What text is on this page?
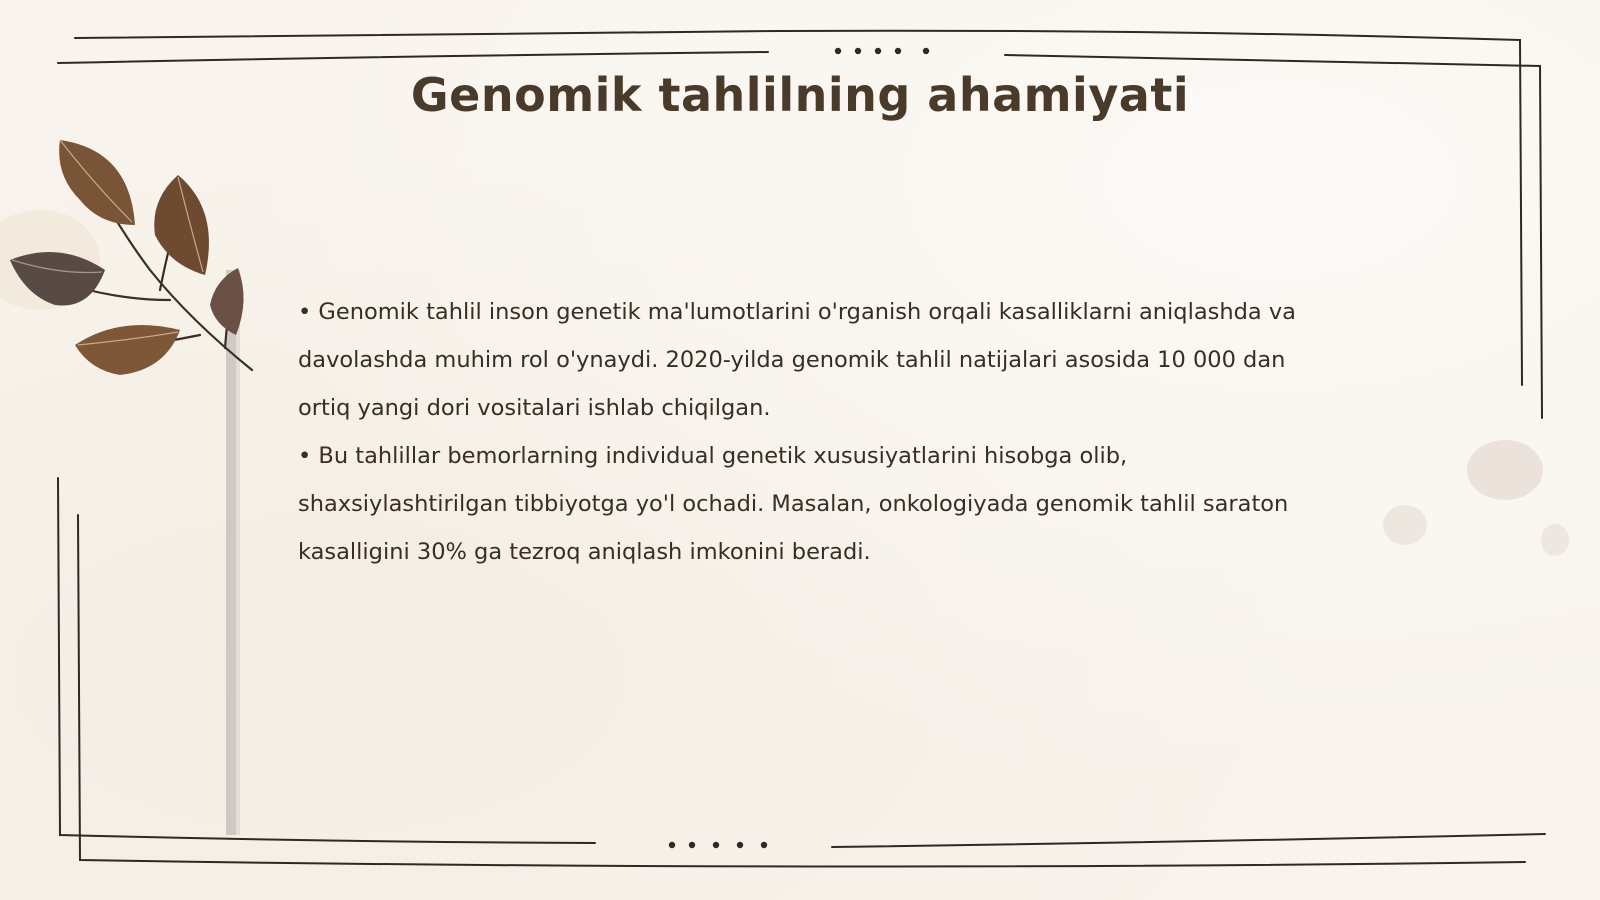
Genomik tahlilning ahamiyati

• Genomik tahlil inson genetik ma'lumotlarini o'rganish orqali kasalliklarni aniqlashda va davolashda muhim rol o'ynaydi. 2020-yilda genomik tahlil natijalari asosida 10 000 dan ortiq yangi dori vositalari ishlab chiqilgan.

• Bu tahlillar bemorlarning individual genetik xususiyatlarini hisobga olib, shaxsiylashtirilgan tibbiyotga yo'l ochadi. Masalan, onkologiyada genomik tahlil saraton kasalligini 30% ga tezroq aniqlash imkonini beradi.
